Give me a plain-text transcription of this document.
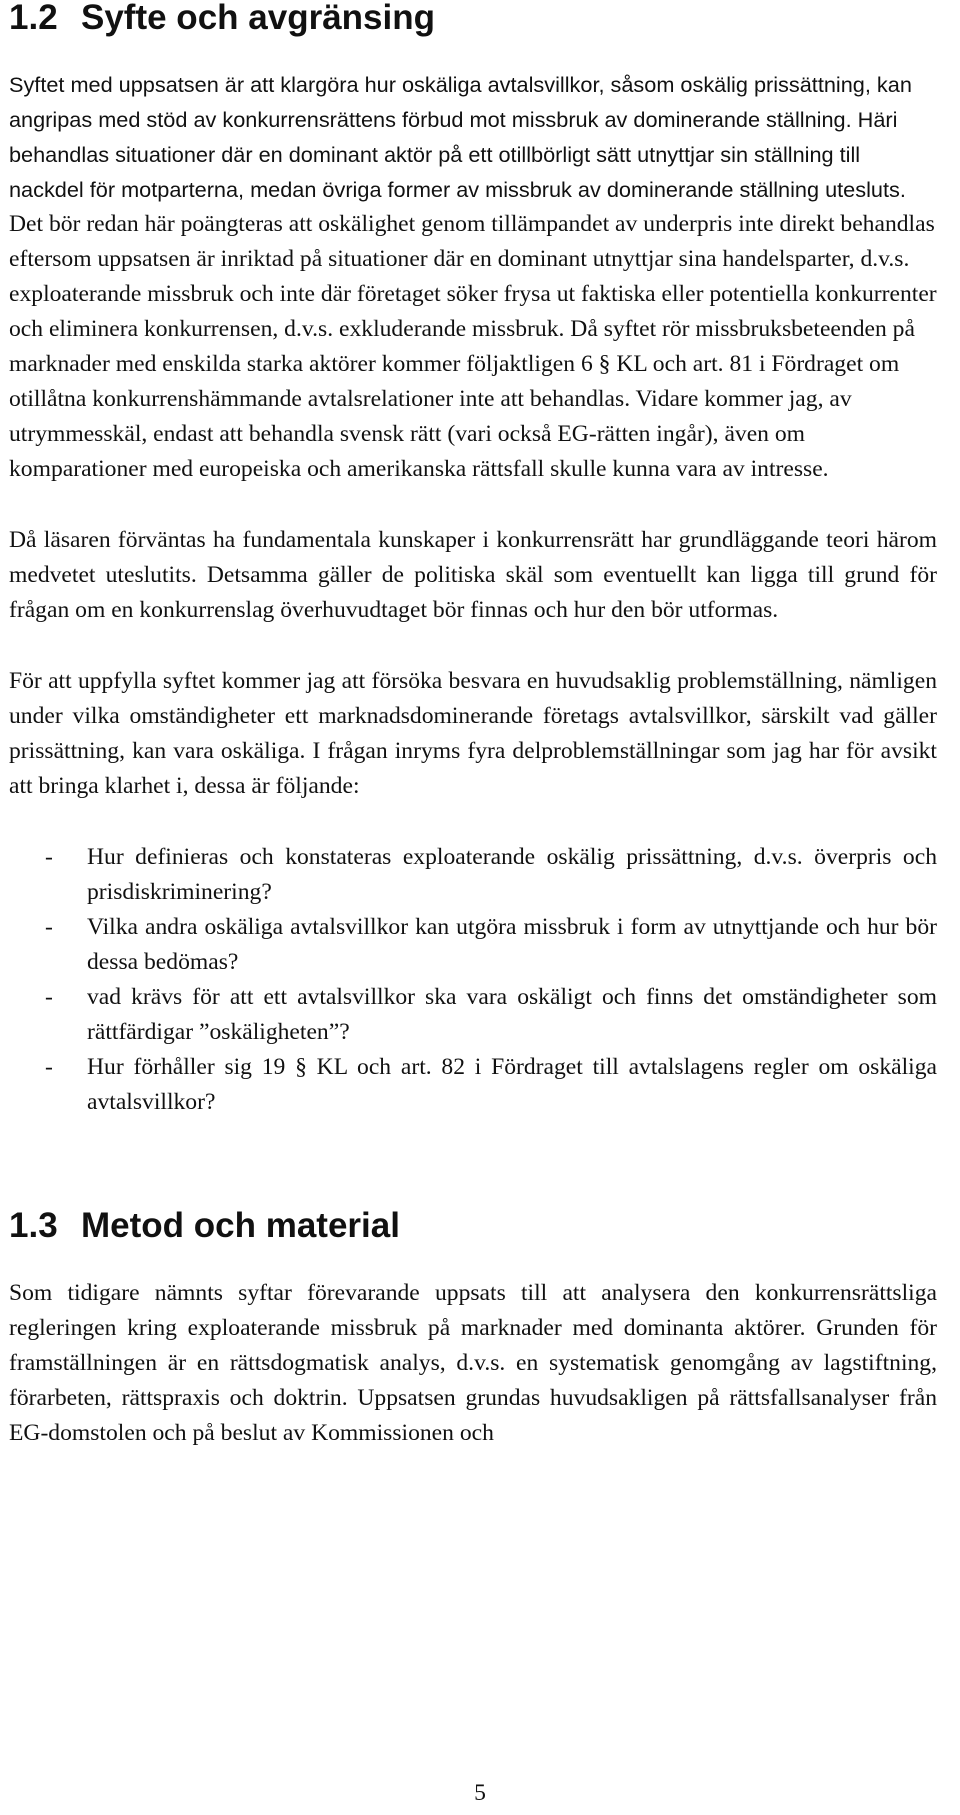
1.2 Syfte och avgränsing

Syftet med uppsatsen är att klargöra hur oskäliga avtalsvillkor, såsom oskälig prissättning, kan angripas med stöd av konkurrensrättens förbud mot missbruk av dominerande ställning. Häri behandlas situationer där en dominant aktör på ett otillbörligt sätt utnyttjar sin ställning till nackdel för motparterna, medan övriga former av missbruk av dominerande ställning utesluts. Det bör redan här poängteras att oskälighet genom tillämpandet av underpris inte direkt behandlas eftersom uppsatsen är inriktad på situationer där en dominant utnyttjar sina handelsparter, d.v.s. exploaterande missbruk och inte där företaget söker frysa ut faktiska eller potentiella konkurrenter och eliminera konkurrensen, d.v.s. exkluderande missbruk. Då syftet rör missbruksbeteenden på marknader med enskilda starka aktörer kommer följaktligen 6 § KL och art. 81 i Fördraget om otillåtna konkurrenshämmande avtalsrelationer inte att behandlas. Vidare kommer jag, av utrymmesskäl, endast att behandla svensk rätt (vari också EG-rätten ingår), även om komparationer med europeiska och amerikanska rättsfall skulle kunna vara av intresse.

Då läsaren förväntas ha fundamentala kunskaper i konkurrensrätt har grundläggande teori härom medvetet uteslutits. Detsamma gäller de politiska skäl som eventuellt kan ligga till grund för frågan om en konkurrenslag överhuvudtaget bör finnas och hur den bör utformas.

För att uppfylla syftet kommer jag att försöka besvara en huvudsaklig problemställning, nämligen under vilka omständigheter ett marknadsdominerande företags avtalsvillkor, särskilt vad gäller prissättning, kan vara oskäliga. I frågan inryms fyra delproblemställningar som jag har för avsikt att bringa klarhet i, dessa är följande:

- Hur definieras och konstateras exploaterande oskälig prissättning, d.v.s. överpris och prisdiskriminering?
- Vilka andra oskäliga avtalsvillkor kan utgöra missbruk i form av utnyttjande och hur bör dessa bedömas?
- vad krävs för att ett avtalsvillkor ska vara oskäligt och finns det omständigheter som rättfärdigar ”oskäligheten”?
- Hur förhåller sig 19 § KL och art. 82 i Fördraget till avtalslagens regler om oskäliga avtalsvillkor?
1.3 Metod och material

Som tidigare nämnts syftar förevarande uppsats till att analysera den konkurrensrättsliga regleringen kring exploaterande missbruk på marknader med dominanta aktörer. Grunden för framställningen är en rättsdogmatisk analys, d.v.s. en systematisk genomgång av lagstiftning, förarbeten, rättspraxis och doktrin. Uppsatsen grundas huvudsakligen på rättsfallsanalyser från EG-domstolen och på beslut av Kommissionen och

5
